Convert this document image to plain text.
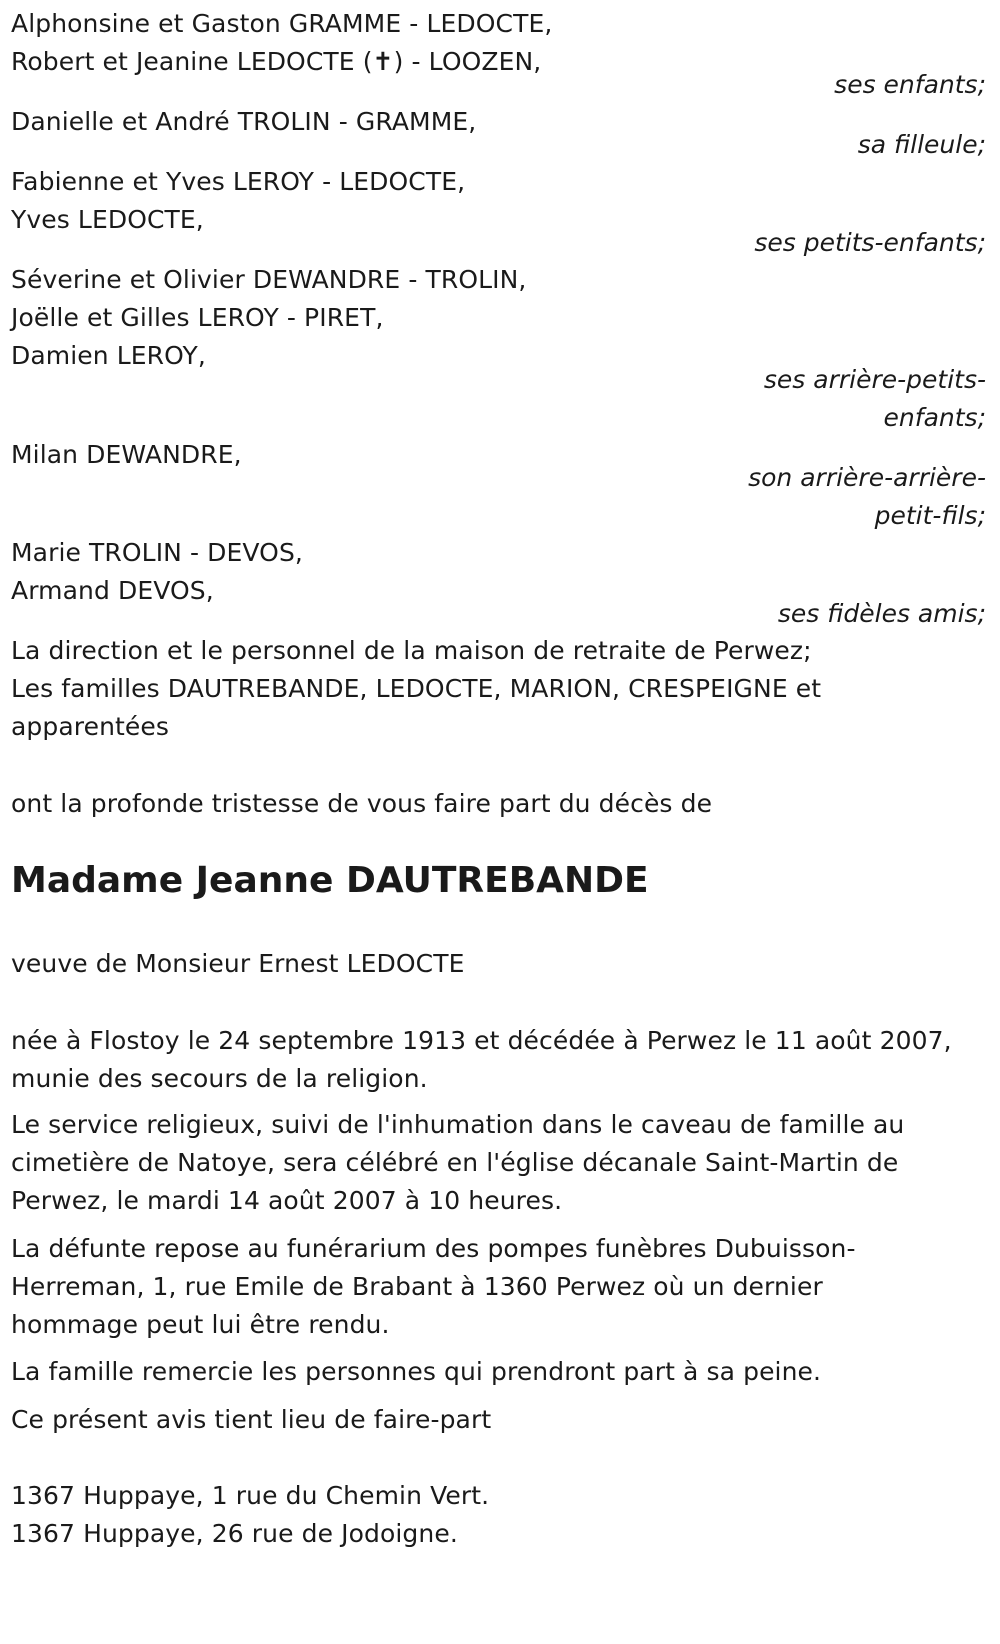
Alphonsine et Gaston GRAMME - LEDOCTE,
Robert et Jeanine LEDOCTE (✝) - LOOZEN,
ses enfants;
Danielle et André TROLIN - GRAMME,
sa filleule;
Fabienne et Yves LEROY - LEDOCTE,
Yves LEDOCTE,
ses petits-enfants;
Séverine et Olivier DEWANDRE - TROLIN,
Joëlle et Gilles LEROY - PIRET,
Damien LEROY,
ses arrière-petits-
enfants;
Milan DEWANDRE,
son arrière-arrière-
petit-fils;
Marie TROLIN - DEVOS,
Armand DEVOS,
ses fidèles amis;
La direction et le personnel de la maison de retraite de Perwez;
Les familles DAUTREBANDE, LEDOCTE, MARION, CRESPEIGNE et
apparentées
ont la profonde tristesse de vous faire part du décès de
Madame Jeanne DAUTREBANDE
veuve de Monsieur Ernest LEDOCTE
née à Flostoy le 24 septembre 1913 et décédée à Perwez le 11 août 2007,
munie des secours de la religion.
Le service religieux, suivi de l'inhumation dans le caveau de famille au
cimetière de Natoye, sera célébré en l'église décanale Saint-Martin de
Perwez, le mardi 14 août 2007 à 10 heures.
La défunte repose au funérarium des pompes funèbres Dubuisson-
Herreman, 1, rue Emile de Brabant à 1360 Perwez où un dernier
hommage peut lui être rendu.
La famille remercie les personnes qui prendront part à sa peine.
Ce présent avis tient lieu de faire-part
1367 Huppaye, 1 rue du Chemin Vert.
1367 Huppaye, 26 rue de Jodoigne.
